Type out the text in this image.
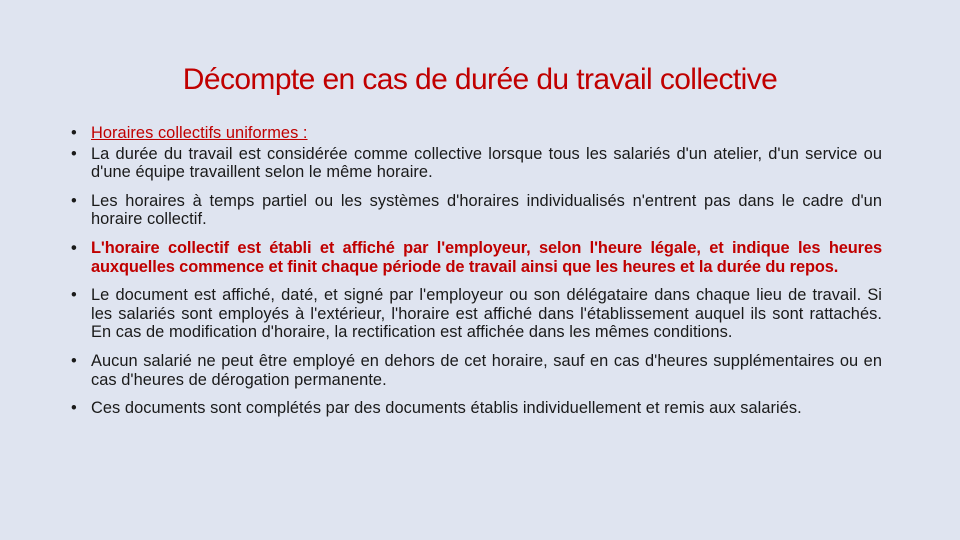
Décompte en cas de durée du travail collective
• Horaires collectifs uniformes :
• La durée du travail est considérée comme collective lorsque tous les salariés d'un atelier, d'un service ou d'une équipe travaillent selon le même horaire.
• Les horaires à temps partiel ou les systèmes d'horaires individualisés n'entrent pas dans le cadre d'un horaire collectif.
• L'horaire collectif est établi et affiché par l'employeur, selon l'heure légale, et indique les heures auxquelles commence et finit chaque période de travail ainsi que les heures et la durée du repos.
• Le document est affiché, daté, et signé par l'employeur ou son délégataire dans chaque lieu de travail. Si les salariés sont employés à l'extérieur, l'horaire est affiché dans l'établissement auquel ils sont rattachés. En cas de modification d'horaire, la rectification est affichée dans les mêmes conditions.
• Aucun salarié ne peut être employé en dehors de cet horaire, sauf en cas d'heures supplémentaires ou en cas d'heures de dérogation permanente.
• Ces documents sont complétés par des documents établis individuellement et remis aux salariés.
